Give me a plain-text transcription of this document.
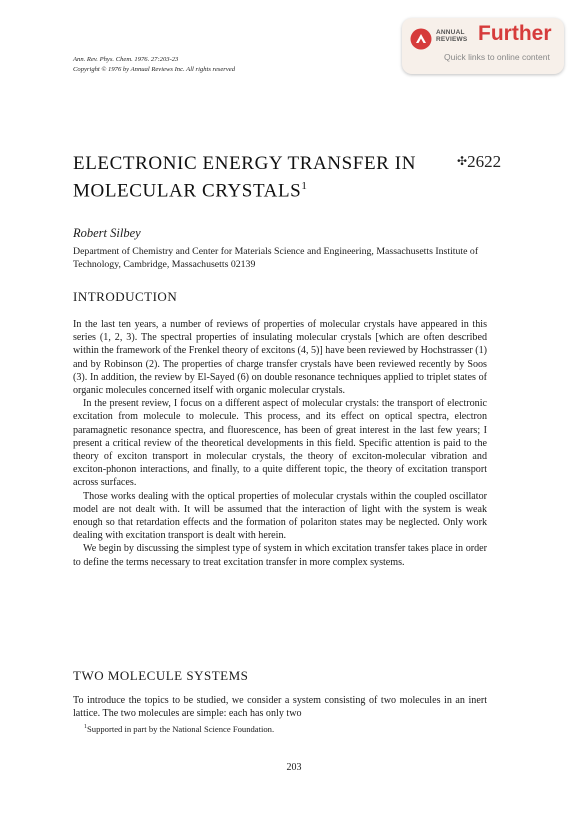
Ann. Rev. Phys. Chem. 1976. 27:203-23
Copyright © 1976 by Annual Reviews Inc. All rights reserved
ANNUAL
REVIEWS Further
Quick links to online content
ELECTRONIC ENERGY TRANSFER IN
MOLECULAR CRYSTALS$^1$
✣2622
Robert Silbey
Department of Chemistry and Center for Materials Science and Engineering, Massachusetts Institute of Technology, Cambridge, Massachusetts 02139
INTRODUCTION

In the last ten years, a number of reviews of properties of molecular crystals have appeared in this series (1, 2, 3). The spectral properties of insulating molecular crystals [which are often described within the framework of the Frenkel theory of excitons (4, 5)] have been reviewed by Hochstrasser (1) and by Robinson (2). The properties of charge transfer crystals have been reviewed recently by Soos (3). In addition, the review by El-Sayed (6) on double resonance techniques applied to triplet states of organic molecules concerned itself with organic molecular crystals.

In the present review, I focus on a different aspect of molecular crystals: the transport of electronic excitation from molecule to molecule. This process, and its effect on optical spectra, electron paramagnetic resonance spectra, and fluorescence, has been of great interest in the last few years; I present a critical review of the theoretical developments in this field. Specific attention is paid to the theory of exciton transport in molecular crystals, the theory of exciton-molecular vibration and exciton-phonon interactions, and finally, to a quite different topic, the theory of excitation transport across surfaces.

Those works dealing with the optical properties of molecular crystals within the coupled oscillator model are not dealt with. It will be assumed that the interaction of light with the system is weak enough so that retardation effects and the formation of polariton states may be neglected. Only work dealing with excitation transport is dealt with herein.

We begin by discussing the simplest type of system in which excitation transfer takes place in order to define the terms necessary to treat excitation transfer in more complex systems.

TWO MOLECULE SYSTEMS

To introduce the topics to be studied, we consider a system consisting of two molecules in an inert lattice. The two molecules are simple: each has only two

$^1$Supported in part by the National Science Foundation.
203
